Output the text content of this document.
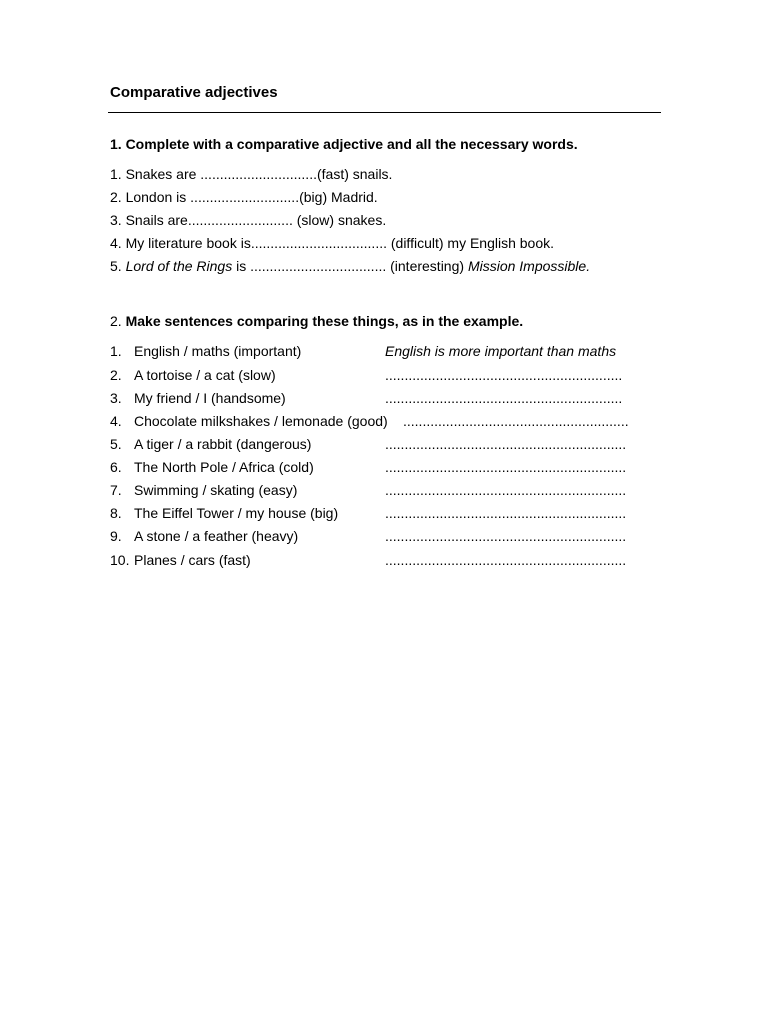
Comparative adjectives
1. Complete with a comparative adjective and all the necessary words.
1. Snakes are ..............................(fast) snails.
2. London is ............................(big) Madrid.
3. Snails are........................... (slow) snakes.
4. My literature book is................................... (difficult) my English book.
5. Lord of the Rings is ................................... (interesting) Mission Impossible.
2. Make sentences comparing these things, as in the example.
1. English / maths (important)	English is more important than maths
2. A tortoise / a cat (slow)	.............................................................
3. My friend / I (handsome)	.............................................................
4. Chocolate milkshakes / lemonade (good) ..........................................................
5. A tiger / a rabbit (dangerous)	..............................................................
6. The North Pole / Africa (cold)	..............................................................
7. Swimming / skating (easy)	..............................................................
8. The Eiffel Tower / my house (big)	..............................................................
9. A stone / a feather (heavy)	..............................................................
10. Planes / cars (fast)	..............................................................
